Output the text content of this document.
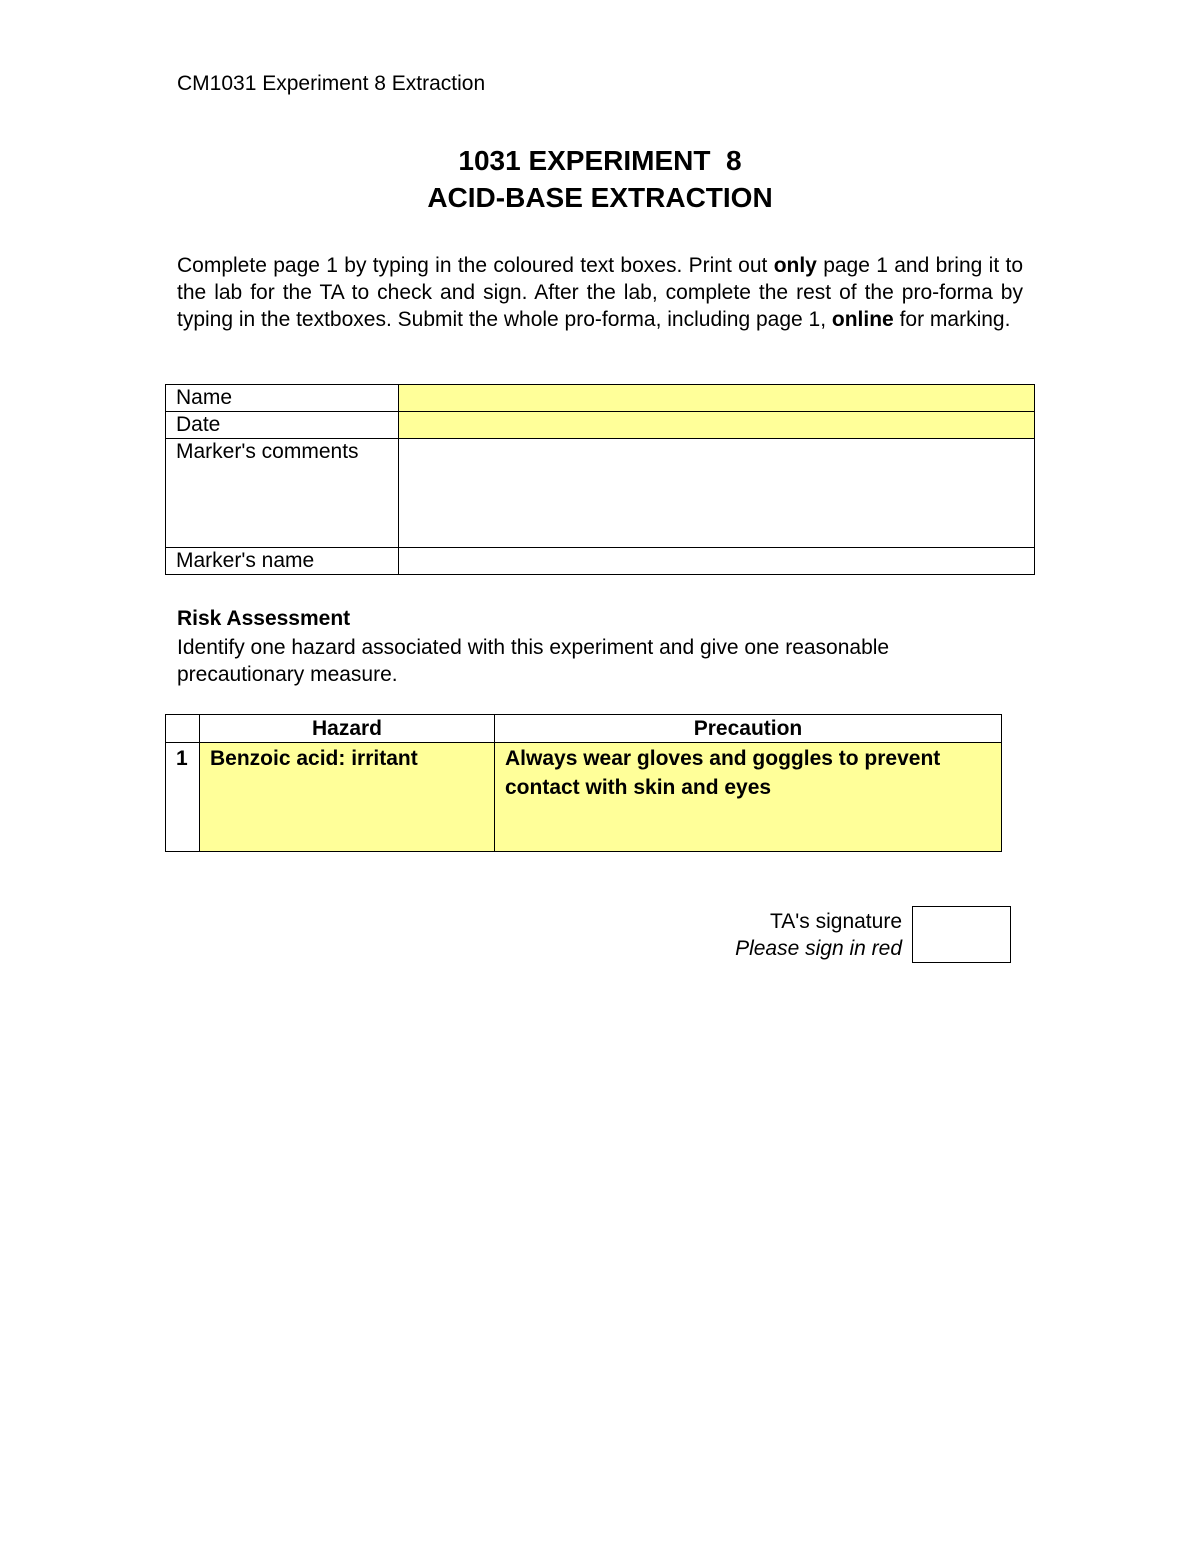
CM1031 Experiment 8 Extraction
1031 EXPERIMENT  8
ACID-BASE EXTRACTION
Complete page 1 by typing in the coloured text boxes. Print out only page 1 and bring it to the lab for the TA to check and sign. After the lab, complete the rest of the pro-forma by typing in the textboxes. Submit the whole pro-forma, including page 1, online for marking.
Name	
Date	
Marker's comments	
Marker's name	
Risk Assessment
Identify one hazard associated with this experiment and give one reasonable precautionary measure.
	Hazard	Precaution
1	Benzoic acid: irritant	Always wear gloves and goggles to prevent contact with skin and eyes
TA's signature
Please sign in red
